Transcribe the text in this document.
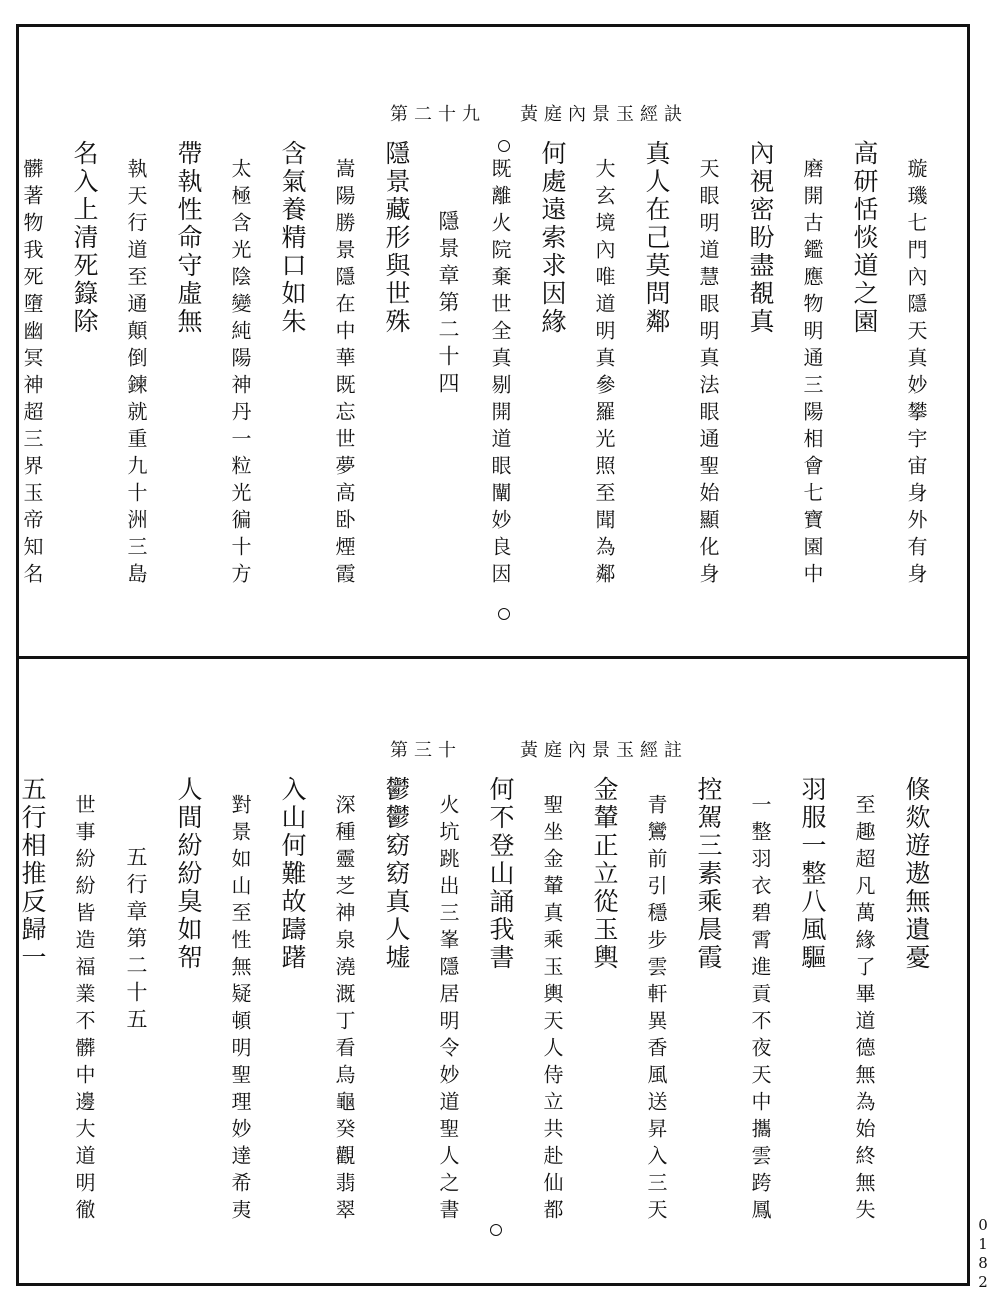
黃庭內景玉經訣
第二十九
璇璣七門內隱天真妙攀宇宙身外有身
高研恬惔道之園
磨開古鑑應物明通三陽相會七寶園中
內視密盼盡覩真
天眼明道慧眼明真法眼通聖始顯化身
真人在己莫問鄰
大玄境內唯道明真參羅光照至聞為鄰
何處遠索求因緣
既離火院棄世全真剔開道眼闡妙良因
隱景章第二十四
隱景藏形與世殊
嵩陽勝景隱在中華既忘世夢高卧煙霞
含氣養精口如朱
太極含光陰變純陽神丹一粒光徧十方
帶執性命守虛無
執天行道至通顛倒鍊就重九十洲三島
名入上清死籙除
髒著物我死墮幽冥神超三界玉帝知名
黃庭內景玉經註
第三十
倏欻遊遨無遺憂
至趣超凡萬緣了畢道德無為始終無失
羽服一整八風驅
一整羽衣碧霄進貢不夜天中攜雲跨鳳
控駕三素乘晨霞
青鸞前引穩步雲軒異香風送昇入三天
金輦正立從玉輿
聖坐金輦真乘玉輿天人侍立共赴仙都
何不登山誦我書
火坑跳出三峯隱居明令妙道聖人之書
鬱鬱窈窈真人墟
深種靈芝神泉澆溉丁看烏龜癸觀翡翠
入山何難故躊躇
對景如山至性無疑頓明聖理妙達希夷
人間紛紛臭如帤
五行章第二十五
世事紛紛皆造福業不髒中邊大道明徹
五行相推反歸一
0182
